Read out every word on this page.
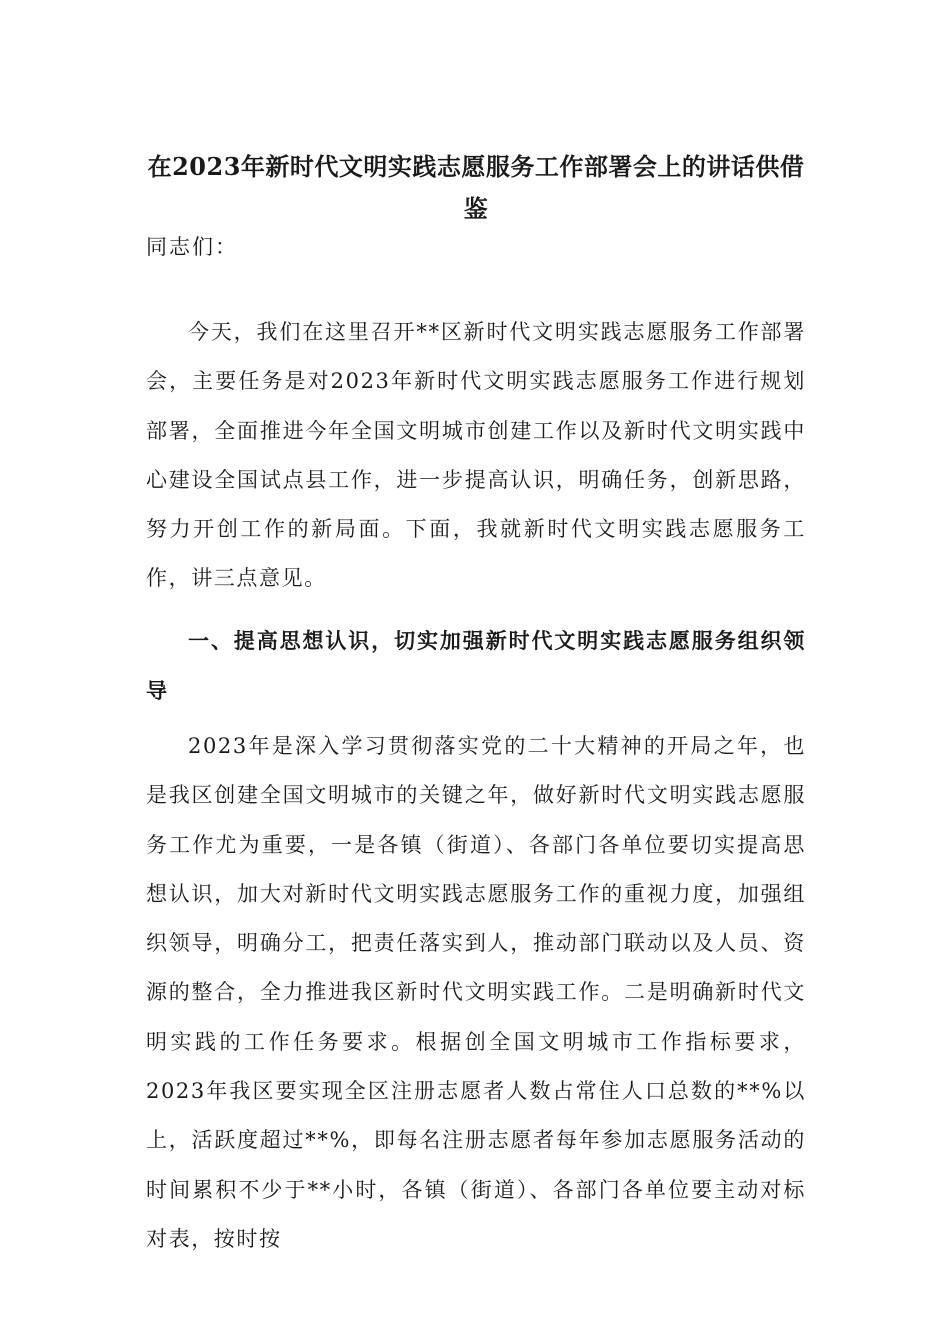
在2023年新时代文明实践志愿服务工作部署会上的讲话供借鉴
同志们：
今天，我们在这里召开**区新时代文明实践志愿服务工作部署会，主要任务是对2023年新时代文明实践志愿服务工作进行规划部署，全面推进今年全国文明城市创建工作以及新时代文明实践中心建设全国试点县工作，进一步提高认识，明确任务，创新思路，努力开创工作的新局面。下面，我就新时代文明实践志愿服务工作，讲三点意见。
一、提高思想认识，切实加强新时代文明实践志愿服务组织领导
2023年是深入学习贯彻落实党的二十大精神的开局之年，也是我区创建全国文明城市的关键之年，做好新时代文明实践志愿服务工作尤为重要，一是各镇（街道）、各部门各单位要切实提高思想认识，加大对新时代文明实践志愿服务工作的重视力度，加强组织领导，明确分工，把责任落实到人，推动部门联动以及人员、资源的整合，全力推进我区新时代文明实践工作。二是明确新时代文明实践的工作任务要求。根据创全国文明城市工作指标要求，2023年我区要实现全区注册志愿者人数占常住人口总数的**%以上，活跃度超过**%，即每名注册志愿者每年参加志愿服务活动的时间累积不少于**小时，各镇（街道）、各部门各单位要主动对标对表，按时按
